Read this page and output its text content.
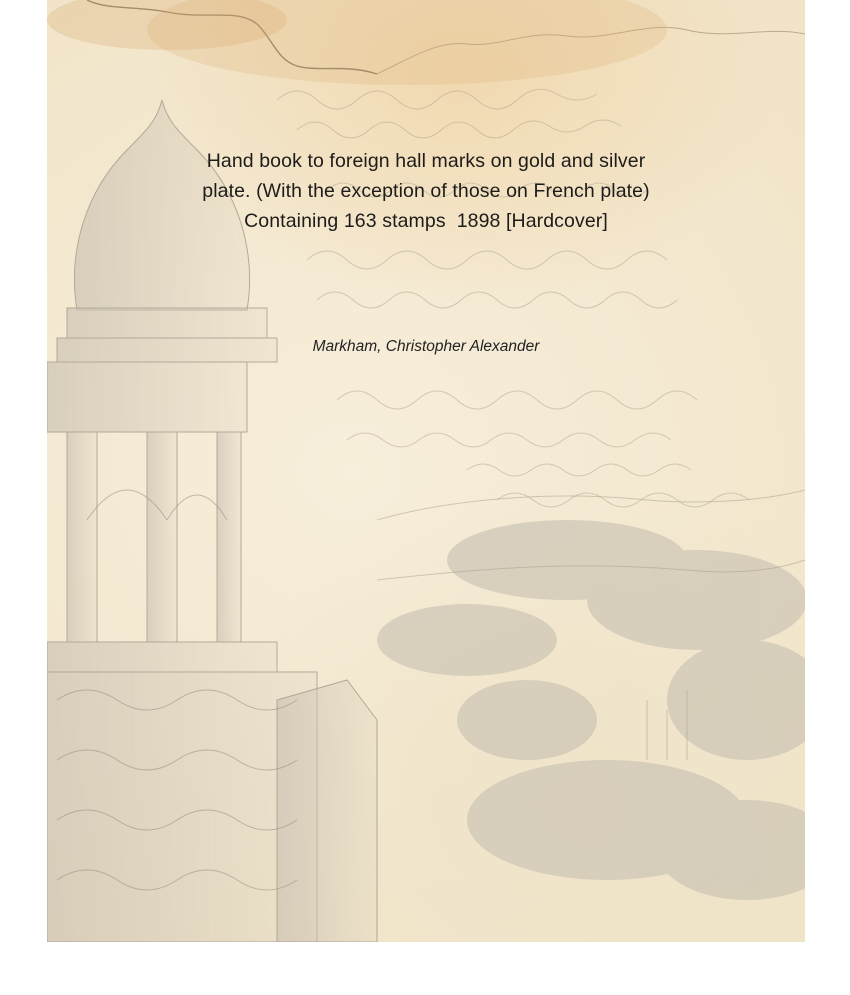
Hand book to foreign hall marks on gold and silver
plate. (With the exception of those on French plate)
Containing 163 stamps  1898 [Hardcover]
Markham, Christopher Alexander
